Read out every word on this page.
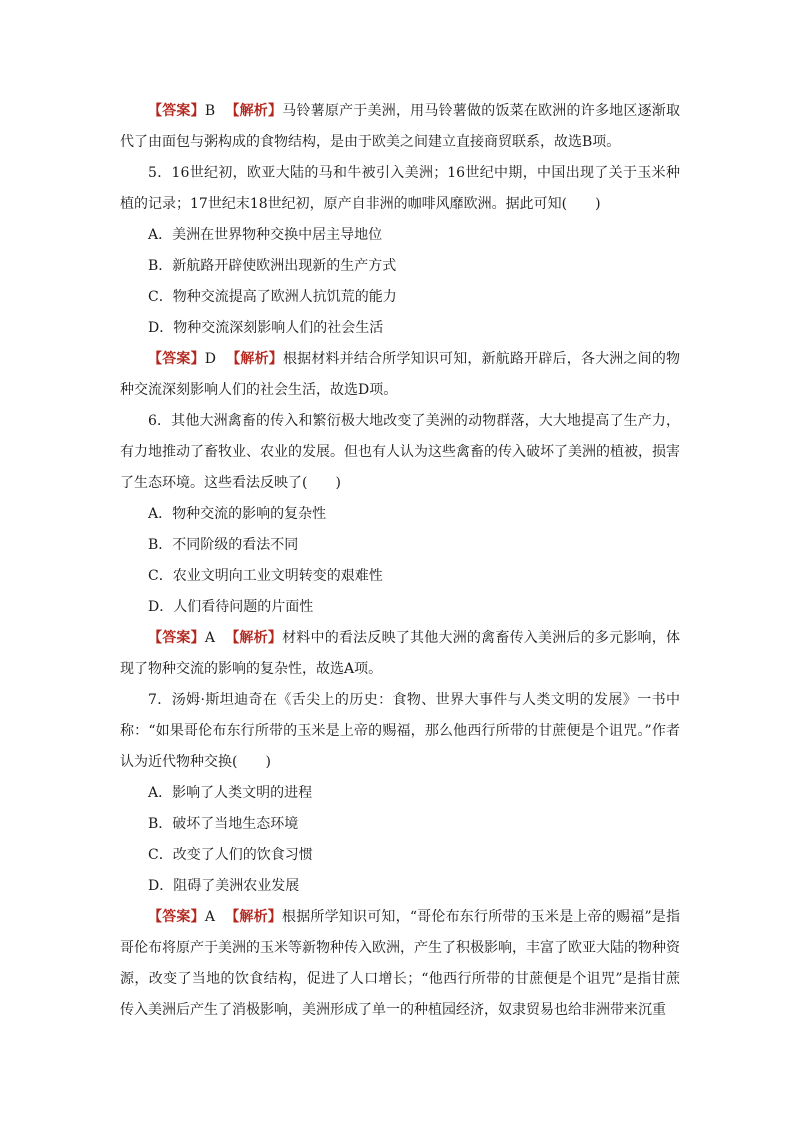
【答案】B 【解析】马铃薯原产于美洲，用马铃薯做的饭菜在欧洲的许多地区逐渐取代了由面包与粥构成的食物结构，是由于欧美之间建立直接商贸联系，故选B项。

5．16世纪初，欧亚大陆的马和牛被引入美洲；16世纪中期，中国出现了关于玉米种植的记录；17世纪末18世纪初，原产自非洲的咖啡风靡欧洲。据此可知(　　)

A．美洲在世界物种交换中居主导地位

B．新航路开辟使欧洲出现新的生产方式

C．物种交流提高了欧洲人抗饥荒的能力

D．物种交流深刻影响人们的社会生活

【答案】D 【解析】根据材料并结合所学知识可知，新航路开辟后，各大洲之间的物种交流深刻影响人们的社会生活，故选D项。

6．其他大洲禽畜的传入和繁衍极大地改变了美洲的动物群落，大大地提高了生产力，有力地推动了畜牧业、农业的发展。但也有人认为这些禽畜的传入破坏了美洲的植被，损害了生态环境。这些看法反映了(　　)

A．物种交流的影响的复杂性

B．不同阶级的看法不同

C．农业文明向工业文明转变的艰难性

D．人们看待问题的片面性

【答案】A 【解析】材料中的看法反映了其他大洲的禽畜传入美洲后的多元影响，体现了物种交流的影响的复杂性，故选A项。

7．汤姆·斯坦迪奇在《舌尖上的历史：食物、世界大事件与人类文明的发展》一书中称：“如果哥伦布东行所带的玉米是上帝的赐福，那么他西行所带的甘蔗便是个诅咒。”作者认为近代物种交换(　　)

A．影响了人类文明的进程

B．破坏了当地生态环境

C．改变了人们的饮食习惯

D．阻碍了美洲农业发展

【答案】A 【解析】根据所学知识可知，“哥伦布东行所带的玉米是上帝的赐福”是指哥伦布将原产于美洲的玉米等新物种传入欧洲，产生了积极影响，丰富了欧亚大陆的物种资源，改变了当地的饮食结构，促进了人口增长；“他西行所带的甘蔗便是个诅咒”是指甘蔗传入美洲后产生了消极影响，美洲形成了单一的种植园经济，奴隶贸易也给非洲带来沉重
